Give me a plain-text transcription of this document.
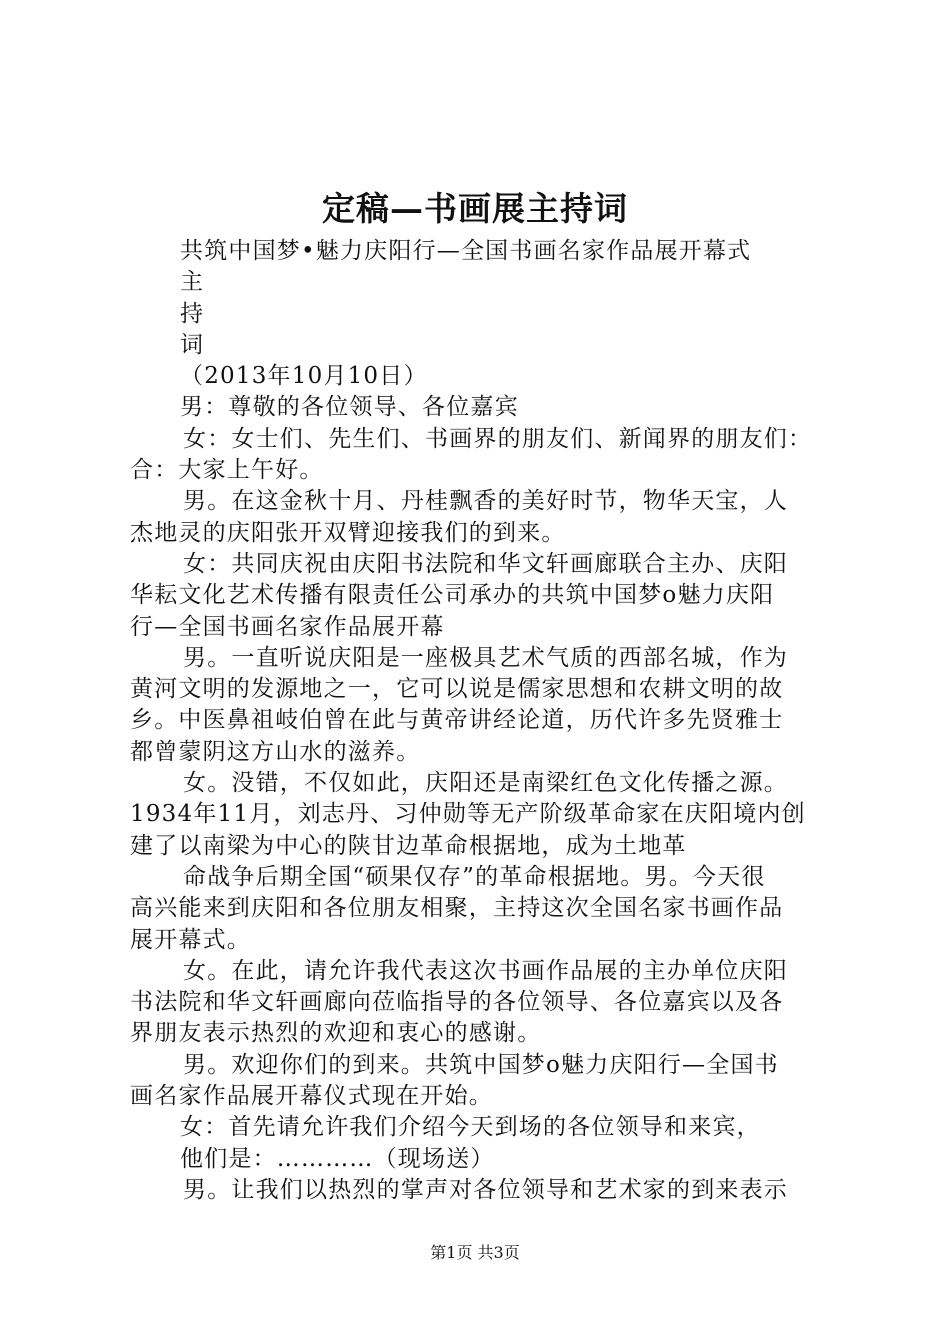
定稿—书画展主持词
共筑中国梦•魅力庆阳行—全国书画名家作品展开幕式
主
持
词
（2013年10月10日）
男：尊敬的各位领导、各位嘉宾
女：女士们、先生们、书画界的朋友们、新闻界的朋友们：
合：大家上午好。
男。在这金秋十月、丹桂飘香的美好时节，物华天宝，人
杰地灵的庆阳张开双臂迎接我们的到来。
女：共同庆祝由庆阳书法院和华文轩画廊联合主办、庆阳
华耘文化艺术传播有限责任公司承办的共筑中国梦o魅力庆阳
行—全国书画名家作品展开幕
男。一直听说庆阳是一座极具艺术气质的西部名城，作为
黄河文明的发源地之一，它可以说是儒家思想和农耕文明的故
乡。中医鼻祖岐伯曾在此与黄帝讲经论道，历代许多先贤雅士
都曾蒙阴这方山水的滋养。
女。没错，不仅如此，庆阳还是南梁红色文化传播之源。
1934年11月，刘志丹、习仲勋等无产阶级革命家在庆阳境内创
建了以南梁为中心的陕甘边革命根据地，成为土地革
命战争后期全国“硕果仅存”的革命根据地。男。今天很
高兴能来到庆阳和各位朋友相聚，主持这次全国名家书画作品
展开幕式。
女。在此，请允许我代表这次书画作品展的主办单位庆阳
书法院和华文轩画廊向莅临指导的各位领导、各位嘉宾以及各
界朋友表示热烈的欢迎和衷心的感谢。
男。欢迎你们的到来。共筑中国梦o魅力庆阳行—全国书
画名家作品展开幕仪式现在开始。
女：首先请允许我们介绍今天到场的各位领导和来宾，
他们是：…………（现场送）
男。让我们以热烈的掌声对各位领导和艺术家的到来表示
第1页 共3页
